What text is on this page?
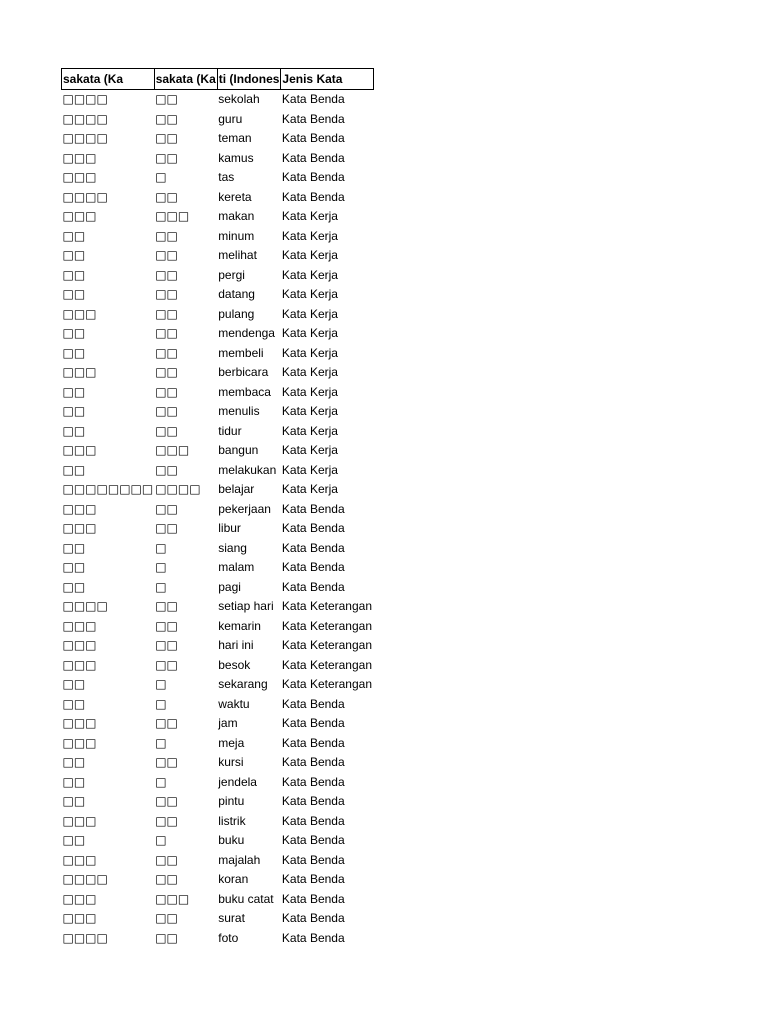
sakata (Ka	sakata (Ka	ti (Indones	Jenis Kata
□□□□	□□	sekolah	Kata Benda
□□□□	□□	guru	Kata Benda
□□□□	□□	teman	Kata Benda
□□□	□□	kamus	Kata Benda
□□□	□	tas	Kata Benda
□□□□	□□	kereta	Kata Benda
□□□	□□□	makan	Kata Kerja
□□	□□	minum	Kata Kerja
□□	□□	melihat	Kata Kerja
□□	□□	pergi	Kata Kerja
□□	□□	datang	Kata Kerja
□□□	□□	pulang	Kata Kerja
□□	□□	mendenga	Kata Kerja
□□	□□	membeli	Kata Kerja
□□□	□□	berbicara	Kata Kerja
□□	□□	membaca	Kata Kerja
□□	□□	menulis	Kata Kerja
□□	□□	tidur	Kata Kerja
□□□	□□□	bangun	Kata Kerja
□□	□□	melakukan	Kata Kerja
□□□□□□□□	□□□□	belajar	Kata Kerja
□□□	□□	pekerjaan	Kata Benda
□□□	□□	libur	Kata Benda
□□	□	siang	Kata Benda
□□	□	malam	Kata Benda
□□	□	pagi	Kata Benda
□□□□	□□	setiap hari	Kata Keterangan
□□□	□□	kemarin	Kata Keterangan
□□□	□□	hari ini	Kata Keterangan
□□□	□□	besok	Kata Keterangan
□□	□	sekarang	Kata Keterangan
□□	□	waktu	Kata Benda
□□□	□□	jam	Kata Benda
□□□	□	meja	Kata Benda
□□	□□	kursi	Kata Benda
□□	□	jendela	Kata Benda
□□	□□	pintu	Kata Benda
□□□	□□	listrik	Kata Benda
□□	□	buku	Kata Benda
□□□	□□	majalah	Kata Benda
□□□□	□□	koran	Kata Benda
□□□	□□□	buku catat	Kata Benda
□□□	□□	surat	Kata Benda
□□□□	□□	foto	Kata Benda
